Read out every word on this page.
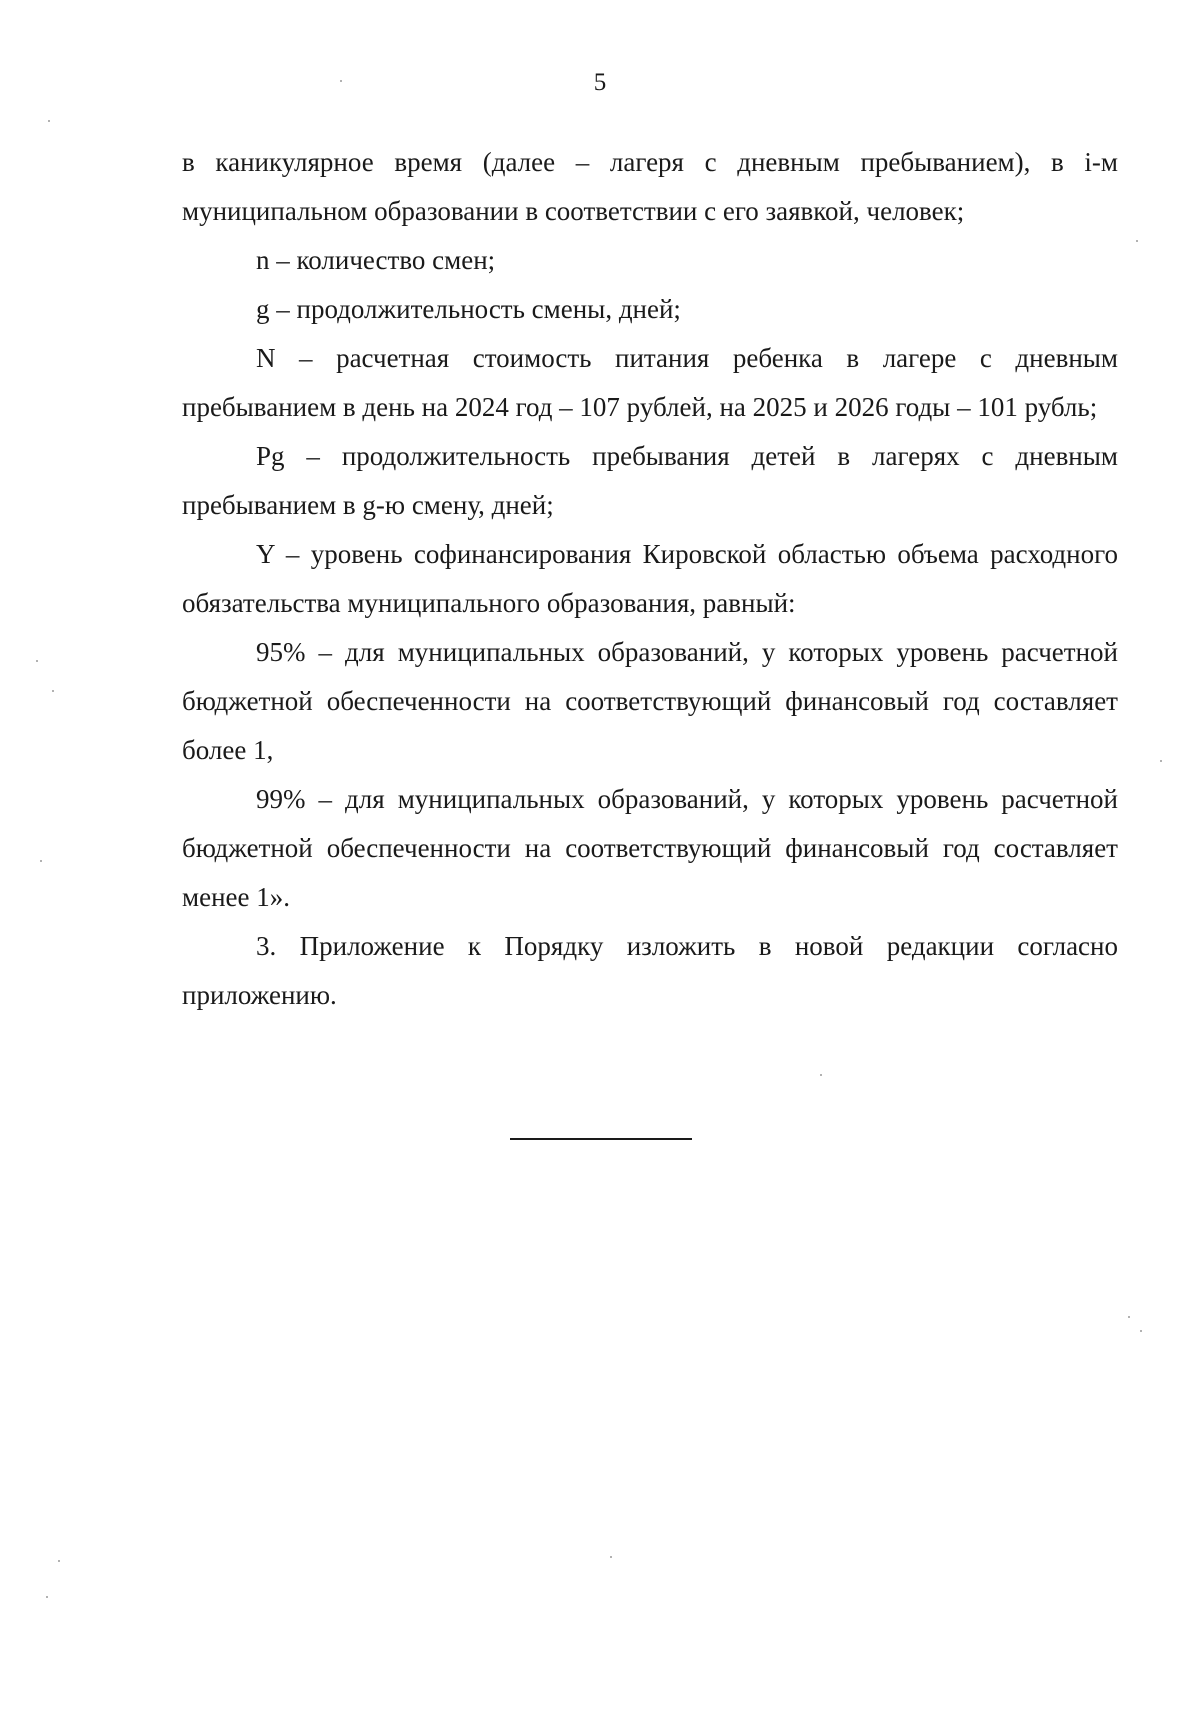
5

в каникулярное время (далее – лагеря с дневным пребыванием), в i-м муниципальном образовании в соответствии с его заявкой, человек;

n – количество смен;

g – продолжительность смены, дней;

N – расчетная стоимость питания ребенка в лагере с дневным пребыванием в день на 2024 год – 107 рублей, на 2025 и 2026 годы – 101 рубль;

Pg – продолжительность пребывания детей в лагерях с дневным пребыванием в g-ю смену, дней;

Y – уровень софинансирования Кировской областью объема расходного обязательства муниципального образования, равный:

95% – для муниципальных образований, у которых уровень расчетной бюджетной обеспеченности на соответствующий финансовый год составляет более 1,

99% – для муниципальных образований, у которых уровень расчетной бюджетной обеспеченности на соответствующий финансовый год составляет менее 1».

3. Приложение к Порядку изложить в новой редакции согласно приложению.
